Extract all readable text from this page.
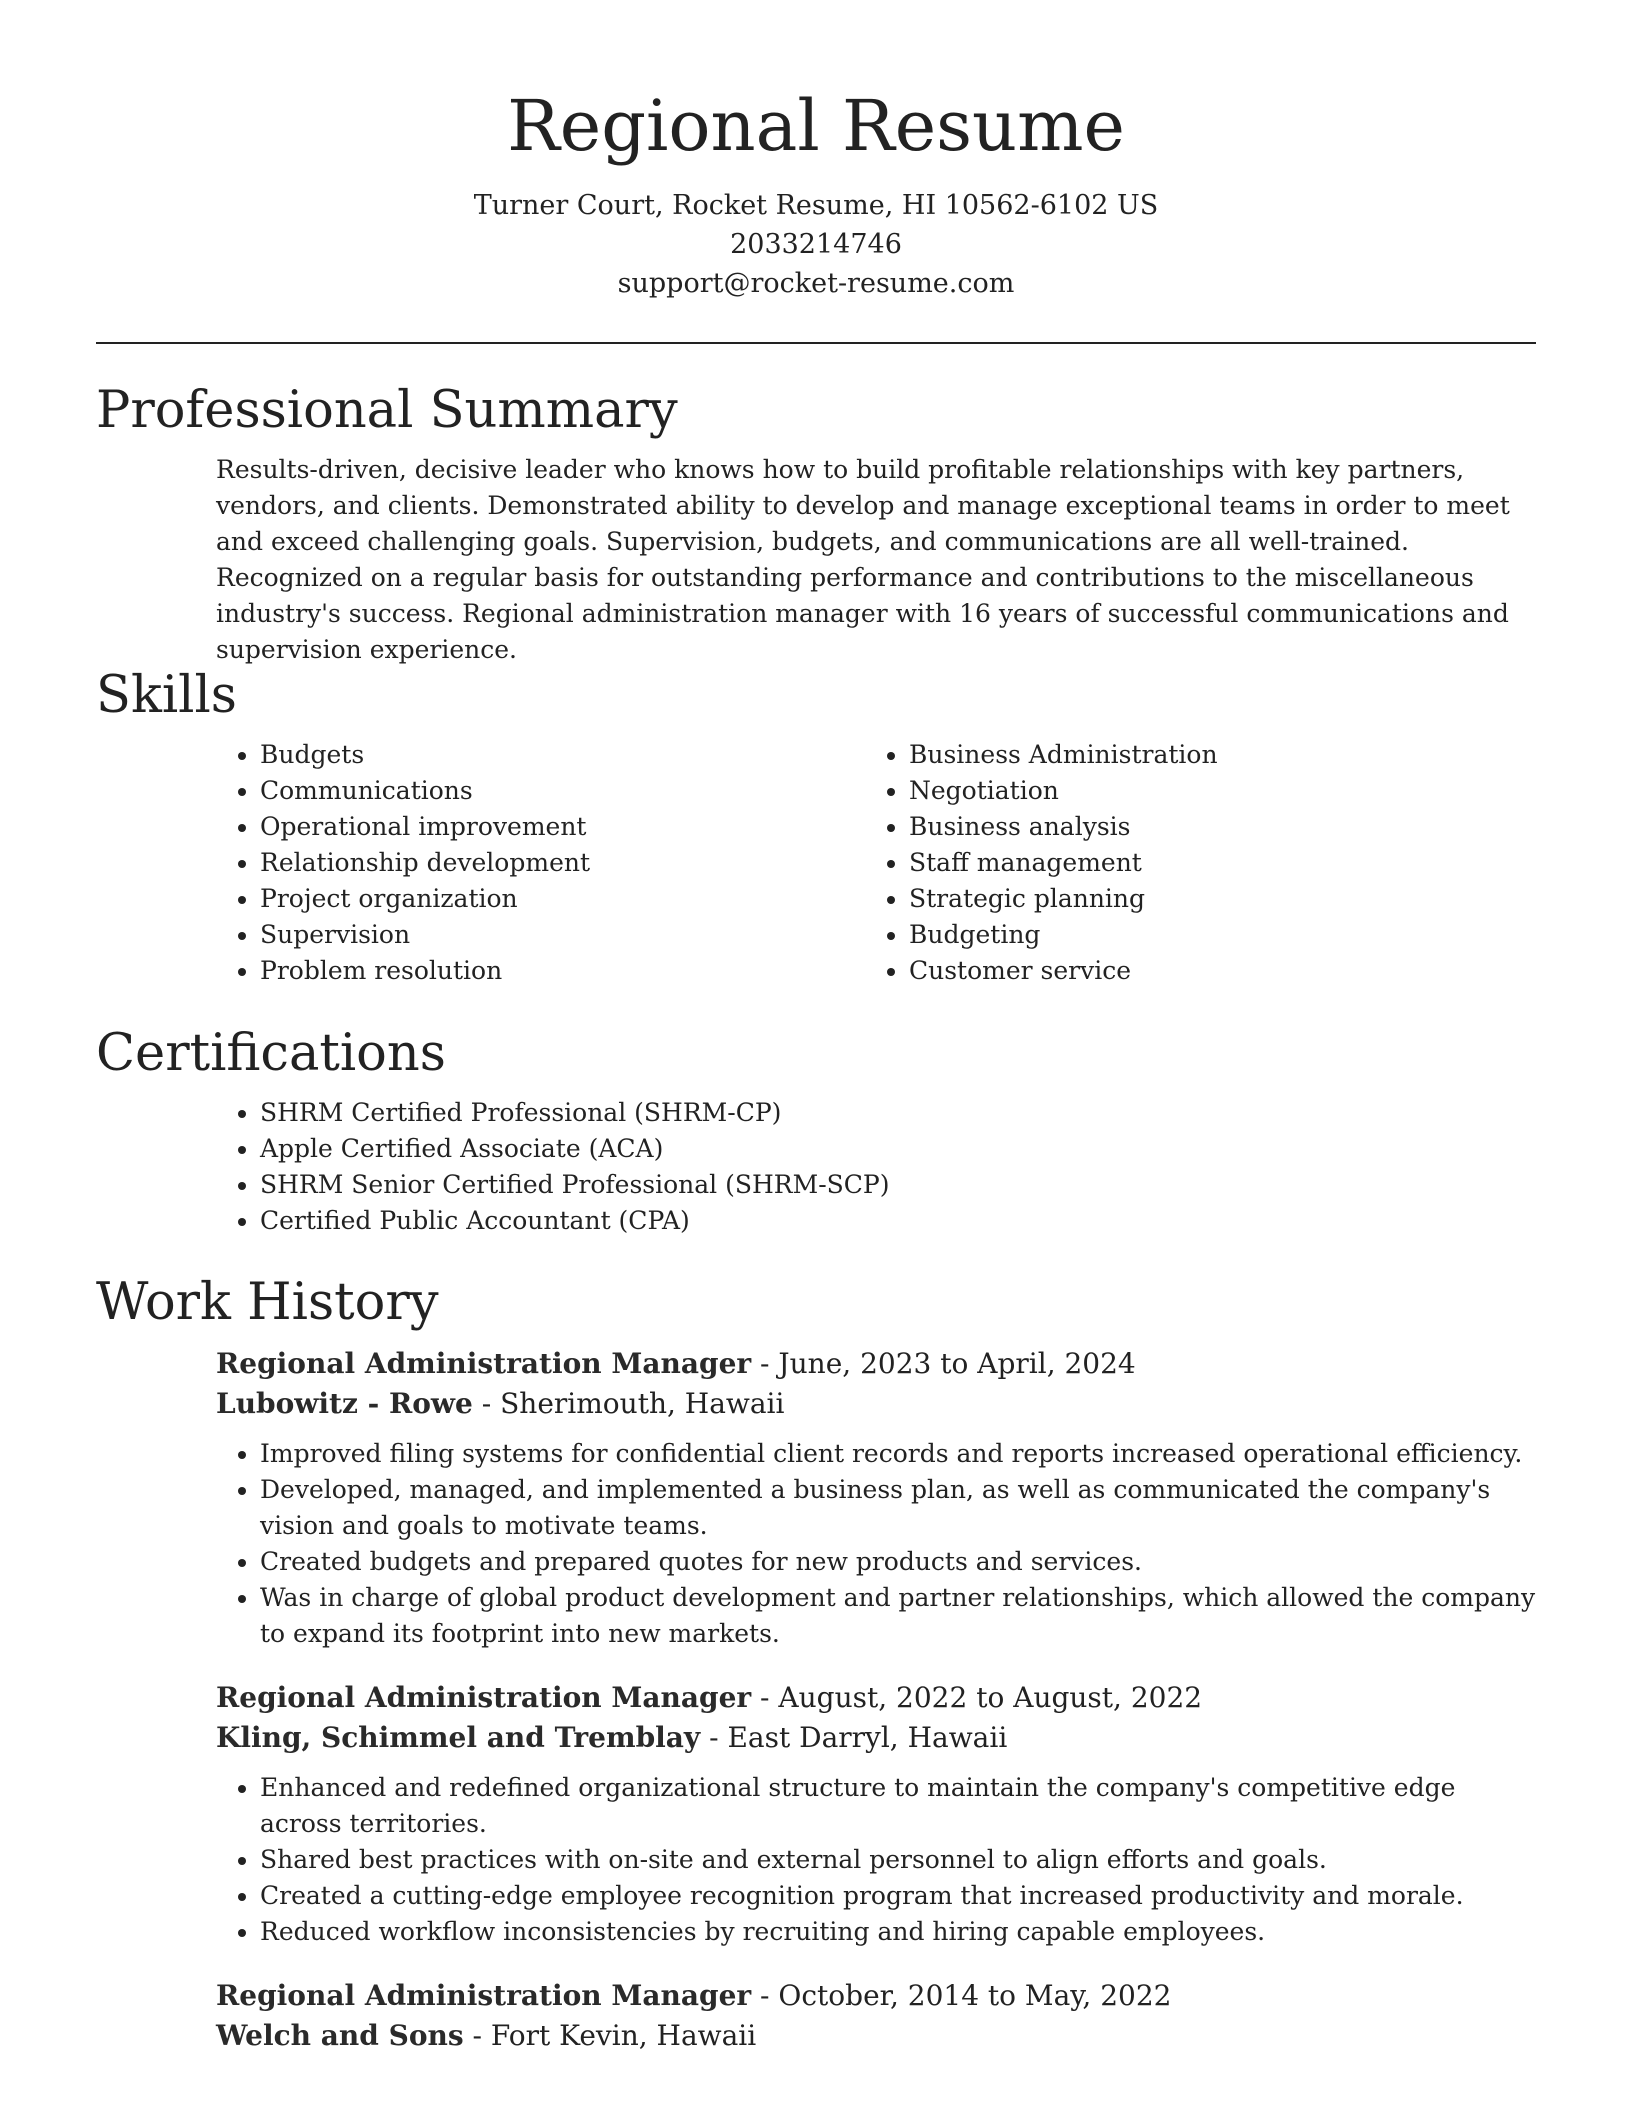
Regional Resume
Turner Court, Rocket Resume, HI 10562-6102 US
2033214746
support@rocket-resume.com
Professional Summary
Results-driven, decisive leader who knows how to build profitable relationships with key partners, vendors, and clients. Demonstrated ability to develop and manage exceptional teams in order to meet and exceed challenging goals. Supervision, budgets, and communications are all well-trained. Recognized on a regular basis for outstanding performance and contributions to the miscellaneous industry's success. Regional administration manager with 16 years of successful communications and supervision experience.
Skills
• Budgets
• Communications
• Operational improvement
• Relationship development
• Project organization
• Supervision
• Problem resolution
• Business Administration
• Negotiation
• Business analysis
• Staff management
• Strategic planning
• Budgeting
• Customer service
Certifications
• SHRM Certified Professional (SHRM-CP)
• Apple Certified Associate (ACA)
• SHRM Senior Certified Professional (SHRM-SCP)
• Certified Public Accountant (CPA)
Work History
Regional Administration Manager - June, 2023 to April, 2024
Lubowitz - Rowe - Sherimouth, Hawaii
• Improved filing systems for confidential client records and reports increased operational efficiency.
• Developed, managed, and implemented a business plan, as well as communicated the company's vision and goals to motivate teams.
• Created budgets and prepared quotes for new products and services.
• Was in charge of global product development and partner relationships, which allowed the company to expand its footprint into new markets.
Regional Administration Manager - August, 2022 to August, 2022
Kling, Schimmel and Tremblay - East Darryl, Hawaii
• Enhanced and redefined organizational structure to maintain the company's competitive edge across territories.
• Shared best practices with on-site and external personnel to align efforts and goals.
• Created a cutting-edge employee recognition program that increased productivity and morale.
• Reduced workflow inconsistencies by recruiting and hiring capable employees.
Regional Administration Manager - October, 2014 to May, 2022
Welch and Sons - Fort Kevin, Hawaii
